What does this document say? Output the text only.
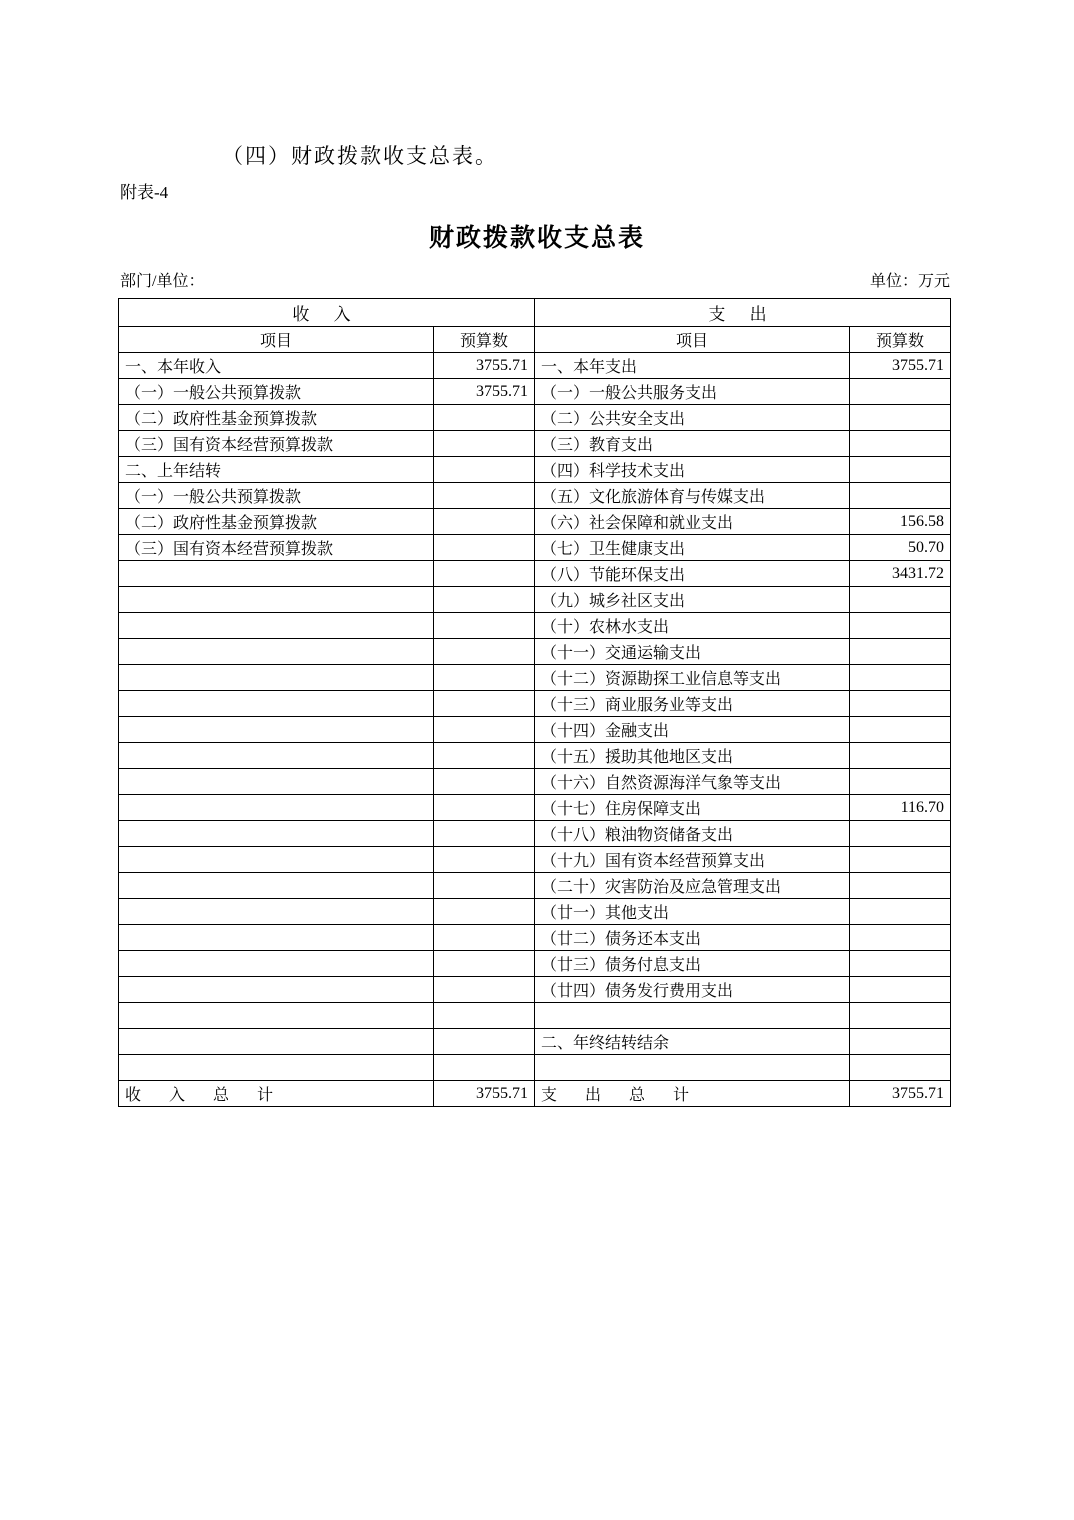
（四）财政拨款收支总表。
附表-4
财政拨款收支总表
部门/单位：	单位：万元
收 入		支 出	
项目	预算数	项目	预算数
一、本年收入	3755.71	一、本年支出	3755.71
（一）一般公共预算拨款	3755.71	（一）一般公共服务支出	
（二）政府性基金预算拨款		（二）公共安全支出	
（三）国有资本经营预算拨款		（三）教育支出	
二、上年结转		（四）科学技术支出	
（一）一般公共预算拨款		（五）文化旅游体育与传媒支出	
（二）政府性基金预算拨款		（六）社会保障和就业支出	156.58
（三）国有资本经营预算拨款		（七）卫生健康支出	50.70
		（八）节能环保支出	3431.72
		（九）城乡社区支出	
		（十）农林水支出	
		（十一）交通运输支出	
		（十二）资源勘探工业信息等支出	
		（十三）商业服务业等支出	
		（十四）金融支出	
		（十五）援助其他地区支出	
		（十六）自然资源海洋气象等支出	
		（十七）住房保障支出	116.70
		（十八）粮油物资储备支出	
		（十九）国有资本经营预算支出	
		（二十）灾害防治及应急管理支出	
		（廿一）其他支出	
		（廿二）债务还本支出	
		（廿三）债务付息支出	
		（廿四）债务发行费用支出	

		二、年终结转结余	

收 入 总 计	3755.71	支 出 总 计	3755.71
